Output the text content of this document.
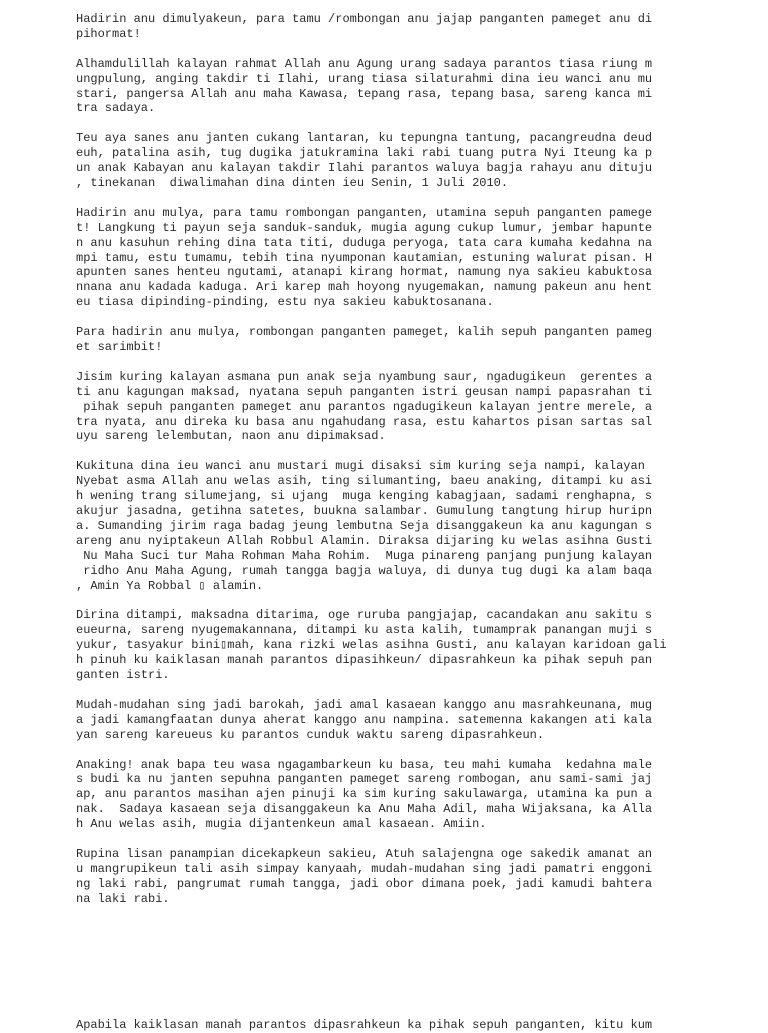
Hadirin anu dimulyakeun, para tamu /rombongan anu jajap panganten pameget anu di
pihormat!
Alhamdulillah kalayan rahmat Allah anu Agung urang sadaya parantos tiasa riung m
ungpulung, anging takdir ti Ilahi, urang tiasa silaturahmi dina ieu wanci anu mu
stari, pangersa Allah anu maha Kawasa, tepang rasa, tepang basa, sareng kanca mi
tra sadaya.
Teu aya sanes anu janten cukang lantaran, ku tepungna tantung, pacangreudna deud
euh, patalina asih, tug dugika jatukramina laki rabi tuang putra Nyi Iteung ka p
un anak Kabayan anu kalayan takdir Ilahi parantos waluya bagja rahayu anu dituju
, tinekanan  diwalimahan dina dinten ieu Senin, 1 Juli 2010.
Hadirin anu mulya, para tamu rombongan panganten, utamina sepuh panganten pamege
t! Langkung ti payun seja sanduk-sanduk, mugia agung cukup lumur, jembar hapunte
n anu kasuhun rehing dina tata titi, duduga peryoga, tata cara kumaha kedahna na
mpi tamu, estu tumamu, tebih tina nyumponan kautamian, estuning walurat pisan. H
apunten sanes henteu ngutami, atanapi kirang hormat, namung nya sakieu kabuktosa
nnana anu kadada kaduga. Ari karep mah hoyong nyugemakan, namung pakeun anu hent
eu tiasa dipinding-pinding, estu nya sakieu kabuktosanana.
Para hadirin anu mulya, rombongan panganten pameget, kalih sepuh panganten pameg
et sarimbit!
Jisim kuring kalayan asmana pun anak seja nyambung saur, ngadugikeun  gerentes a
ti anu kagungan maksad, nyatana sepuh panganten istri geusan nampi papasrahan ti
pihak sepuh panganten pameget anu parantos ngadugikeun kalayan jentre merele, a
tra nyata, anu direka ku basa anu ngahudang rasa, estu kahartos pisan sartas sal
uyu sareng lelembutan, naon anu dipimaksad.
Kukituna dina ieu wanci anu mustari mugi disaksi sim kuring seja nampi, kalayan
Nyebat asma Allah anu welas asih, ting silumanting, baeu anaking, ditampi ku asi
h wening trang silumejang, si ujang  muga kenging kabagjaan, sadami renghapna, s
akujur jasadna, getihna satetes, buukna salambar. Gumulung tangtung hirup huripn
a. Sumanding jirim raga badag jeung lembutna Seja disanggakeun ka anu kagungan s
areng anu nyiptakeun Allah Robbul Alamin. Diraksa dijaring ku welas asihna Gusti
Nu Maha Suci tur Maha Rohman Maha Rohim.  Muga pinareng panjang punjung kalayan
ridho Anu Maha Agung, rumah tangga bagja waluya, di dunya tug dugi ka alam baqa
, Amin Ya Robbal ▯ alamin.
Dirina ditampi, maksadna ditarima, oge ruruba pangjajap, cacandakan anu sakitu s
eueurna, sareng nyugemakannana, ditampi ku asta kalih, tumamprak panangan muji s
yukur, tasyakur bini▯mah, kana rizki welas asihna Gusti, anu kalayan karidoan gali
h pinuh ku kaiklasan manah parantos dipasihkeun/ dipasrahkeun ka pihak sepuh pan
ganten istri.
Mudah-mudahan sing jadi barokah, jadi amal kasaean kanggo anu masrahkeunana, mug
a jadi kamangfaatan dunya aherat kanggo anu nampina. satemenna kakangen ati kala
yan sareng kareueus ku parantos cunduk waktu sareng dipasrahkeun.
Anaking! anak bapa teu wasa ngagambarkeun ku basa, teu mahi kumaha  kedahna male
s budi ka nu janten sepuhna panganten pameget sareng rombogan, anu sami-sami jaj
ap, anu parantos masihan ajen pinuji ka sim kuring sakulawarga, utamina ka pun a
nak.  Sadaya kasaean seja disanggakeun ka Anu Maha Adil, maha Wijaksana, ka Alla
h Anu welas asih, mugia dijantenkeun amal kasaean. Amiin.
Rupina lisan panampian dicekapkeun sakieu, Atuh salajengna oge sakedik amanat an
u mangrupikeun tali asih simpay kanyaah, mudah-mudahan sing jadi pamatri enggoni
ng laki rabi, pangrumat rumah tangga, jadi obor dimana poek, jadi kamudi bahtera
na laki rabi.
Apabila kaiklasan manah parantos dipasrahkeun ka pihak sepuh panganten, kitu kum
